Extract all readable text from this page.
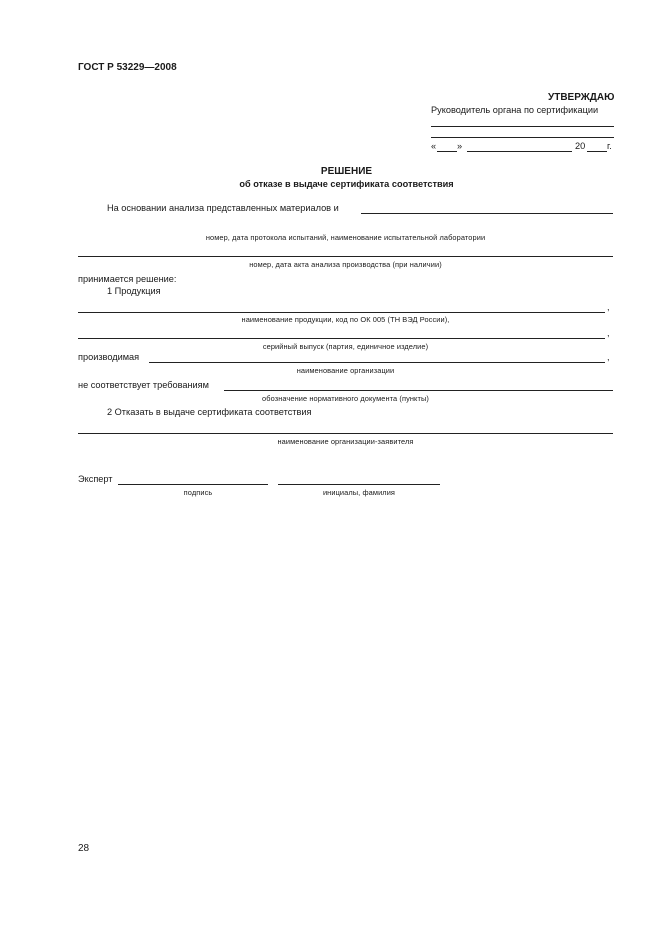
ГОСТ Р 53229—2008
УТВЕРЖДАЮ
Руководитель органа по сертификации
« »	20 г.
РЕШЕНИЕ
об отказе в выдаче сертификата соответствия
На основании анализа представленных материалов и
номер, дата протокола испытаний, наименование испытательной лаборатории
номер, дата акта анализа производства (при наличии)
принимается решение:
1 Продукция
,
наименование продукции, код по ОК 005 (ТН ВЭД России),
,
серийный выпуск (партия, единичное изделие)
производимая	,
наименование организации
не соответствует требованиям
обозначение нормативного документа (пункты)
2 Отказать в выдаче сертификата соответствия
наименование организации-заявителя
Эксперт
подпись	инициалы, фамилия
28
